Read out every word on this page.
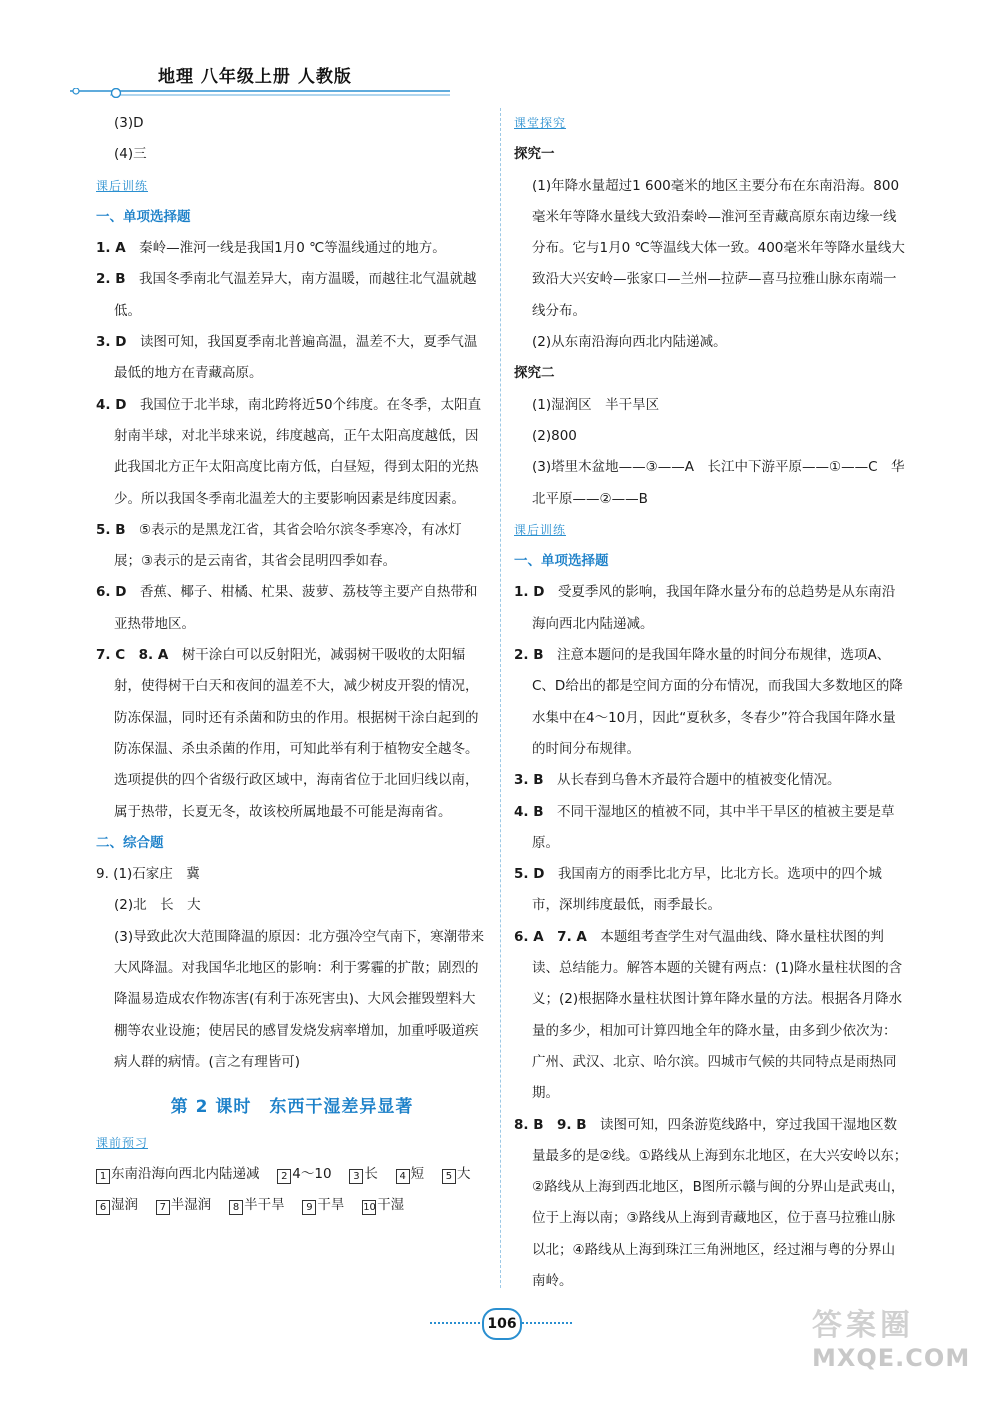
地理 八年级上册 人教版

(3)D

(4)三

课后训练

一、单项选择题

1. A　 秦岭—淮河一线是我国1月0 ℃等温线通过的地方。

2. B　 我国冬季南北气温差异大，南方温暖，而越往北气温就越低。

3. D　 读图可知，我国夏季南北普遍高温，温差不大，夏季气温最低的地方在青藏高原。

4. D　 我国位于北半球，南北跨将近50个纬度。在冬季，太阳直射南半球，对北半球来说，纬度越高，正午太阳高度越低，因此我国北方正午太阳高度比南方低，白昼短，得到太阳的光热少。所以我国冬季南北温差大的主要影响因素是纬度因素。

5. B　 ⑤表示的是黑龙江省，其省会哈尔滨冬季寒冷，有冰灯展；③表示的是云南省，其省会昆明四季如春。

6. D　 香蕉、椰子、柑橘、杧果、菠萝、荔枝等主要产自热带和亚热带地区。

7. C　8. A　 树干涂白可以反射阳光，减弱树干吸收的太阳辐射，使得树干白天和夜间的温差不大，减少树皮开裂的情况，防冻保温，同时还有杀菌和防虫的作用。根据树干涂白起到的防冻保温、杀虫杀菌的作用，可知此举有利于植物安全越冬。选项提供的四个省级行政区域中，海南省位于北回归线以南，属于热带，长夏无冬，故该校所属地最不可能是海南省。

二、综合题

9. (1)石家庄　冀

(2)北　长　大

(3)导致此次大范围降温的原因：北方强冷空气南下，寒潮带来大风降温。对我国华北地区的影响：利于雾霾的扩散；剧烈的降温易造成农作物冻害(有利于冻死害虫)、大风会摧毁塑料大棚等农业设施；使居民的感冒发烧发病率增加，加重呼吸道疾病人群的病情。(言之有理皆可)

第 2 课时　东西干湿差异显著

课前预习

1 东南沿海向西北内陆递减　 2 4～10　 3 长　 4 短　 5 大

6 湿润　 7 半湿润　 8 半干旱　 9 干旱　 10干湿

课堂探究

探究一

(1)年降水量超过1 600毫米的地区主要分布在东南沿海。800毫米年等降水量线大致沿秦岭—淮河至青藏高原东南边缘一线分布。它与1月0 ℃等温线大体一致。400毫米年等降水量线大致沿大兴安岭—张家口—兰州—拉萨—喜马拉雅山脉东南端一线分布。

(2)从东南沿海向西北内陆递减。

探究二

(1)湿润区　半干旱区

(2)800

(3)塔里木盆地——③——A　长江中下游平原——①——C　华北平原——②——B

课后训练

一、单项选择题

1. D　 受夏季风的影响，我国年降水量分布的总趋势是从东南沿海向西北内陆递减。

2. B　 注意本题问的是我国年降水量的时间分布规律，选项A、C、D给出的都是空间方面的分布情况，而我国大多数地区的降水集中在4～10月，因此“夏秋多，冬春少”符合我国年降水量的时间分布规律。

3. B　 从长春到乌鲁木齐最符合题中的植被变化情况。

4. B　 不同干湿地区的植被不同，其中半干旱区的植被主要是草原。

5. D　 我国南方的雨季比北方早，比北方长。选项中的四个城市，深圳纬度最低，雨季最长。

6. A　7. A　 本题组考查学生对气温曲线、降水量柱状图的判读、总结能力。解答本题的关键有两点：(1)降水量柱状图的含义；(2)根据降水量柱状图计算年降水量的方法。根据各月降水量的多少，相加可计算四地全年的降水量，由多到少依次为：广州、武汉、北京、哈尔滨。四城市气候的共同特点是雨热同期。

8. B　9. B　 读图可知，四条游览线路中，穿过我国干湿地区数量最多的是②线。①路线从上海到东北地区，在大兴安岭以东；②路线从上海到西北地区，B图所示赣与闽的分界山是武夷山，位于上海以南；③路线从上海到青藏地区，位于喜马拉雅山脉以北；④路线从上海到珠江三角洲地区，经过湘与粤的分界山南岭。

106	答案圈
MXQE.COM
